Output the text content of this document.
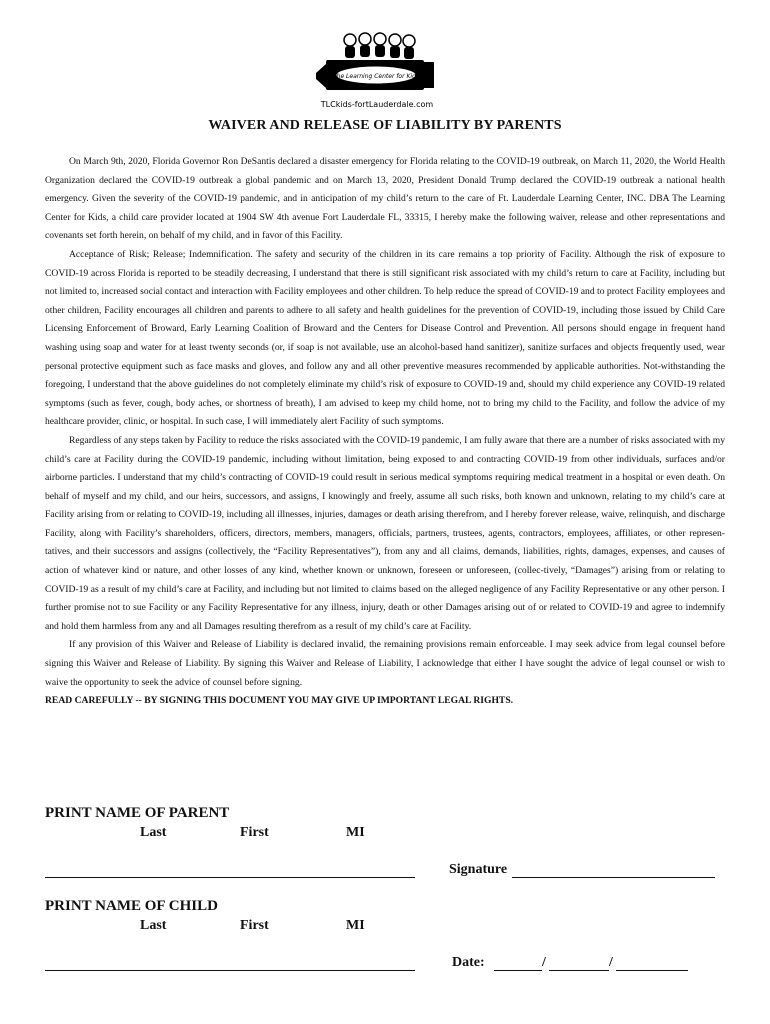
The Learning Center for Kids
TLCkids-fortLauderdale.com
WAIVER AND RELEASE OF LIABILITY BY PARENTS

On March 9th, 2020, Florida Governor Ron DeSantis declared a disaster emergency for Florida relating to the COVID-19 outbreak, on March 11, 2020, the World Health Organization declared the COVID-19 outbreak a global pandemic and on March 13, 2020, President Donald Trump declared the COVID-19 outbreak a national health emergency. Given the severity of the COVID-19 pandemic, and in anticipation of my child’s return to the care of Ft. Lauderdale Learning Center, INC. DBA The Learning Center for Kids, a child care provider located at 1904 SW 4th avenue Fort Lauderdale FL, 33315, I hereby make the following waiver, release and other representations and covenants set forth herein, on behalf of my child, and in favor of this Facility.

Acceptance of Risk; Release; Indemnification. The safety and security of the children in its care remains a top priority of Facility. Although the risk of exposure to COVID-19 across Florida is reported to be steadily decreasing, I understand that there is still significant risk associated with my child’s return to care at Facility, including but not limited to, increased social contact and interaction with Facility employees and other children. To help reduce the spread of COVID-19 and to protect Facility employees and other children, Facility encourages all children and parents to adhere to all safety and health guidelines for the prevention of COVID-19, including those issued by Child Care Licensing Enforcement of Broward, Early Learning Coalition of Broward and the Centers for Disease Control and Prevention. All persons should engage in frequent hand washing using soap and water for at least twenty seconds (or, if soap is not available, use an alcohol-based hand sanitizer), sanitize surfaces and objects frequently used, wear personal protective equipment such as face masks and gloves, and follow any and all other preventive measures recommended by applicable authorities. Not-withstanding the foregoing, I understand that the above guidelines do not completely eliminate my child’s risk of exposure to COVID-19 and, should my child experience any COVID-19 related symptoms (such as fever, cough, body aches, or shortness of breath), I am advised to keep my child home, not to bring my child to the Facility, and follow the advice of my healthcare provider, clinic, or hospital. In such case, I will immediately alert Facility of such symptoms.

Regardless of any steps taken by Facility to reduce the risks associated with the COVID-19 pandemic, I am fully aware that there are a number of risks associated with my child’s care at Facility during the COVID-19 pandemic, including without limitation, being exposed to and contracting COVID-19 from other individuals, surfaces and/or airborne particles. I understand that my child’s contracting of COVID-19 could result in serious medical symptoms requiring medical treatment in a hospital or even death. On behalf of myself and my child, and our heirs, successors, and assigns, I knowingly and freely, assume all such risks, both known and unknown, relating to my child’s care at Facility arising from or relating to COVID-19, including all illnesses, injuries, damages or death arising therefrom, and I hereby forever release, waive, relinquish, and discharge Facility, along with Facility’s shareholders, officers, directors, members, managers, officials, partners, trustees, agents, contractors, employees, affiliates, or other represen-tatives, and their successors and assigns (collectively, the “Facility Representatives”), from any and all claims, demands, liabilities, rights, damages, expenses, and causes of action of whatever kind or nature, and other losses of any kind, whether known or unknown, foreseen or unforeseen, (collec-tively, “Damages”) arising from or relating to COVID-19 as a result of my child’s care at Facility, and including but not limited to claims based on the alleged negligence of any Facility Representative or any other person. I further promise not to sue Facility or any Facility Representative for any illness, injury, death or other Damages arising out of or related to COVID-19 and agree to indemnify and hold them harmless from any and all Damages resulting therefrom as a result of my child’s care at Facility.

If any provision of this Waiver and Release of Liability is declared invalid, the remaining provisions remain enforceable. I may seek advice from legal counsel before signing this Waiver and Release of Liability. By signing this Waiver and Release of Liability, I acknowledge that either I have sought the advice of legal counsel or wish to waive the opportunity to seek the advice of counsel before signing.

READ CAREFULLY -- BY SIGNING THIS DOCUMENT YOU MAY GIVE UP IMPORTANT LEGAL RIGHTS.

PRINT NAME OF PARENT
Last	First	MI
Signature
PRINT NAME OF CHILD
Last	First	MI
Date:	/	/
